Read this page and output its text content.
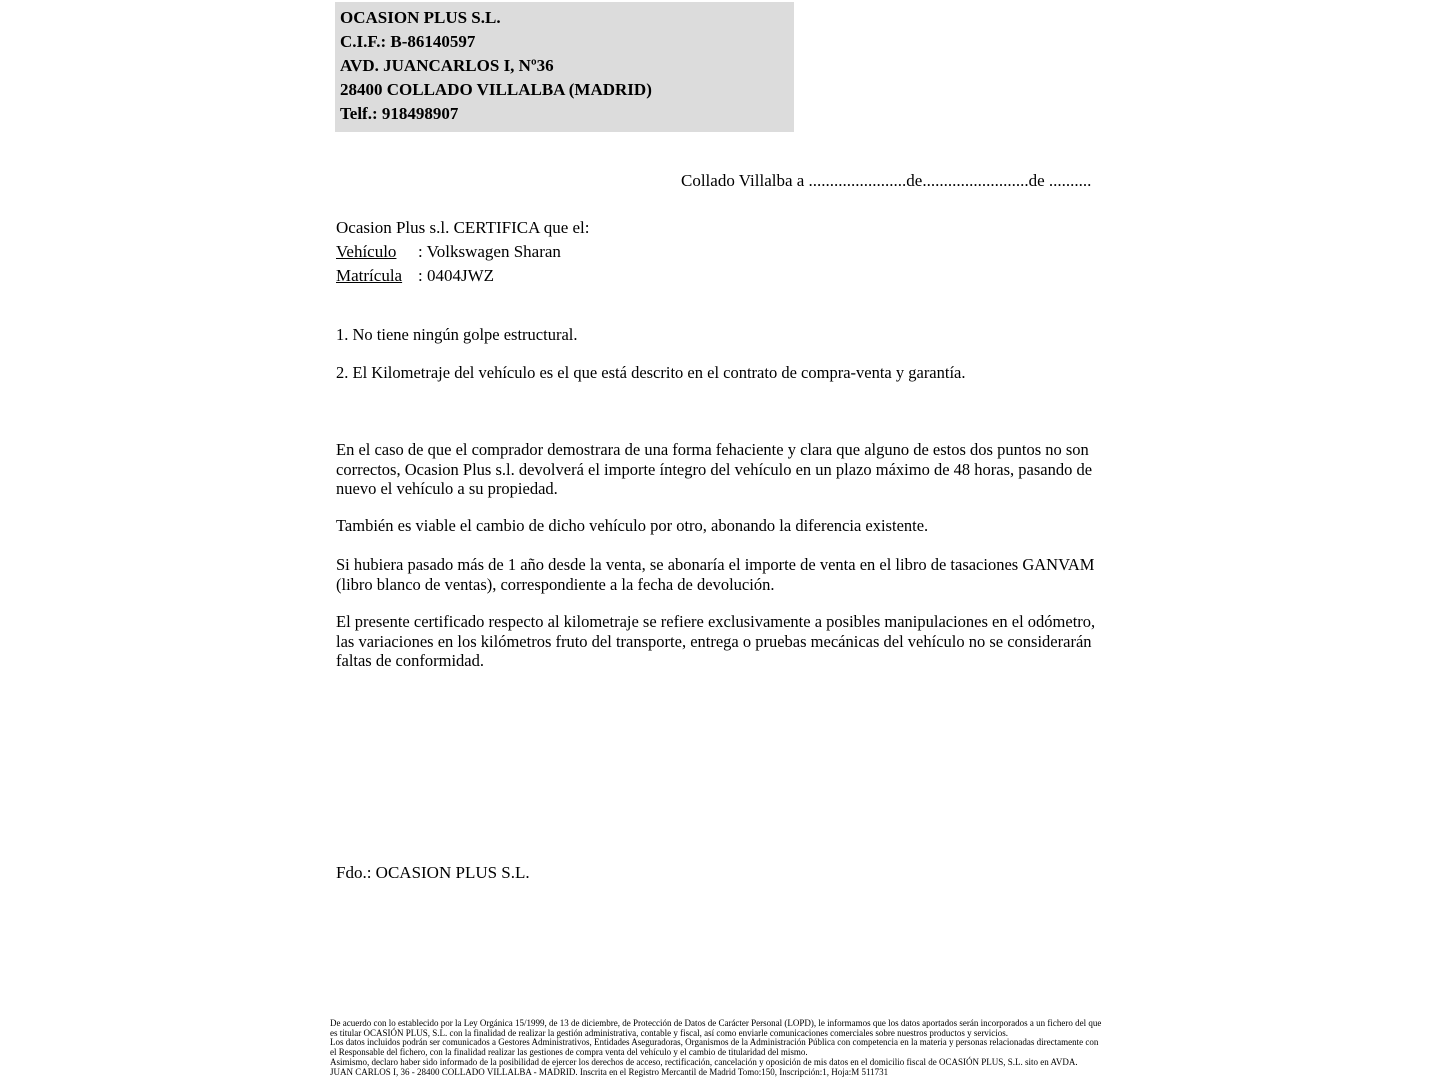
OCASION PLUS S.L.
C.I.F.: B-86140597
AVD. JUANCARLOS I, Nº36
28400 COLLADO VILLALBA (MADRID)
Telf.: 918498907
Collado Villalba a .......................de.........................de ..........
Ocasion Plus s.l. CERTIFICA que el:
Vehículo : Volkswagen Sharan
Matrícula : 0404JWZ
1. No tiene ningún golpe estructural.
2. El Kilometraje del vehículo es el que está descrito en el contrato de compra-venta y garantía.
En el caso de que el comprador demostrara de una forma fehaciente y clara que alguno de estos dos puntos no son correctos, Ocasion Plus s.l. devolverá el importe íntegro del vehículo en un plazo máximo de 48 horas, pasando de nuevo el vehículo a su propiedad.
También es viable el cambio de dicho vehículo por otro, abonando la diferencia existente.
Si hubiera pasado más de 1 año desde la venta, se abonaría el importe de venta en el libro de tasaciones GANVAM (libro blanco de ventas), correspondiente a la fecha de devolución.
El presente certificado respecto al kilometraje se refiere exclusivamente a posibles manipulaciones en el odómetro, las variaciones en los kilómetros fruto del transporte, entrega o pruebas mecánicas del vehículo no se considerarán faltas de conformidad.
Fdo.: OCASION PLUS S.L.

De acuerdo con lo establecido por la Ley Orgánica 15/1999, de 13 de diciembre, de Protección de Datos de Carácter Personal (LOPD), le informamos que los datos aportados serán incorporados a un fichero del que es titular OCASIÓN PLUS, S.L. con la finalidad de realizar la gestión administrativa, contable y fiscal, así como enviarle comunicaciones comerciales sobre nuestros productos y servicios.

Los datos incluidos podrán ser comunicados a Gestores Administrativos, Entidades Aseguradoras, Organismos de la Administración Pública con competencia en la materia y personas relacionadas directamente con el Responsable del fichero, con la finalidad realizar las gestiones de compra venta del vehículo y el cambio de titularidad del mismo.

Asimismo, declaro haber sido informado de la posibilidad de ejercer los derechos de acceso, rectificación, cancelación y oposición de mis datos en el domicilio fiscal de OCASIÓN PLUS, S.L. sito en AVDA. JUAN CARLOS I, 36 - 28400 COLLADO VILLALBA - MADRID. Inscrita en el Registro Mercantil de Madrid Tomo:150, Inscripción:1, Hoja:M 511731
